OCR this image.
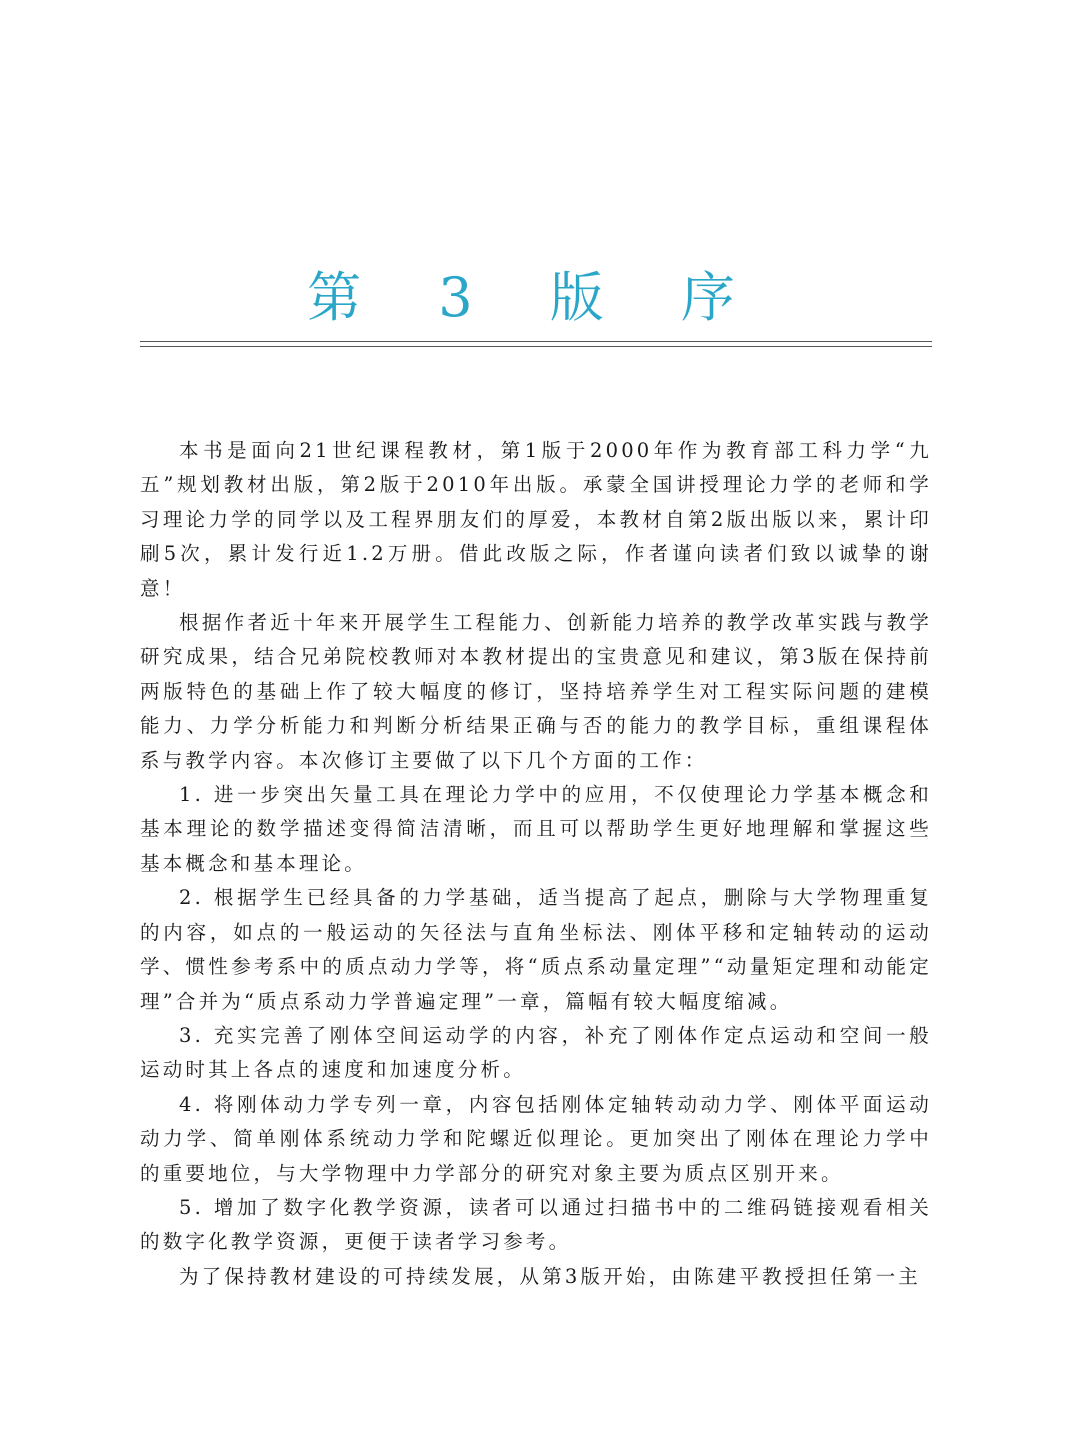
第 3 版 序

本书是面向21世纪课程教材，第1版于2000年作为教育部工科力学“九五”规划教材出版，第2版于2010年出版。承蒙全国讲授理论力学的老师和学习理论力学的同学以及工程界朋友们的厚爱，本教材自第2版出版以来，累计印刷5次，累计发行近1.2万册。借此改版之际，作者谨向读者们致以诚挚的谢意！

根据作者近十年来开展学生工程能力、创新能力培养的教学改革实践与教学研究成果，结合兄弟院校教师对本教材提出的宝贵意见和建议，第3版在保持前两版特色的基础上作了较大幅度的修订，坚持培养学生对工程实际问题的建模能力、力学分析能力和判断分析结果正确与否的能力的教学目标，重组课程体系与教学内容。本次修订主要做了以下几个方面的工作：

1. 进一步突出矢量工具在理论力学中的应用，不仅使理论力学基本概念和基本理论的数学描述变得简洁清晰，而且可以帮助学生更好地理解和掌握这些基本概念和基本理论。

2. 根据学生已经具备的力学基础，适当提高了起点，删除与大学物理重复的内容，如点的一般运动的矢径法与直角坐标法、刚体平移和定轴转动的运动学、惯性参考系中的质点动力学等，将“质点系动量定理”“动量矩定理和动能定理”合并为“质点系动力学普遍定理”一章，篇幅有较大幅度缩减。

3. 充实完善了刚体空间运动学的内容，补充了刚体作定点运动和空间一般运动时其上各点的速度和加速度分析。

4. 将刚体动力学专列一章，内容包括刚体定轴转动动力学、刚体平面运动动力学、简单刚体系统动力学和陀螺近似理论。更加突出了刚体在理论力学中的重要地位，与大学物理中力学部分的研究对象主要为质点区别开来。

5. 增加了数字化教学资源，读者可以通过扫描书中的二维码链接观看相关的数字化教学资源，更便于读者学习参考。

为了保持教材建设的可持续发展，从第3版开始，由陈建平教授担任第一主
